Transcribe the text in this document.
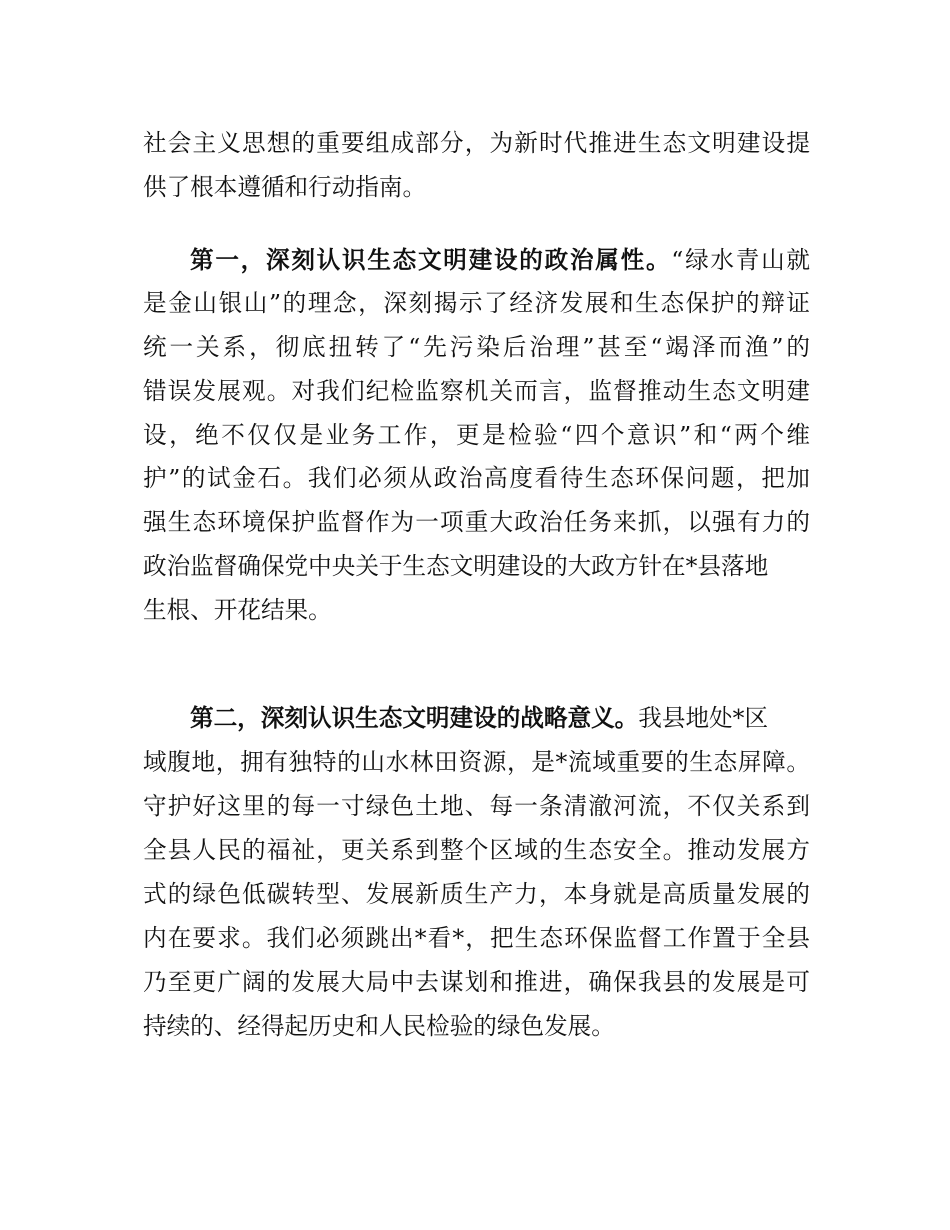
社会主义思想的重要组成部分，为新时代推进生态文明建设提
供了根本遵循和行动指南。
第一，深刻认识生态文明建设的政治属性。“绿水青山就
是金山银山”的理念，深刻揭示了经济发展和生态保护的辩证
统一关系，彻底扭转了“先污染后治理”甚至“竭泽而渔”的
错误发展观。对我们纪检监察机关而言，监督推动生态文明建
设，绝不仅仅是业务工作，更是检验“四个意识”和“两个维
护”的试金石。我们必须从政治高度看待生态环保问题，把加
强生态环境保护监督作为一项重大政治任务来抓，以强有力的
政治监督确保党中央关于生态文明建设的大政方针在*县落地
生根、开花结果。
第二，深刻认识生态文明建设的战略意义。我县地处*区
域腹地，拥有独特的山水林田资源，是*流域重要的生态屏障。
守护好这里的每一寸绿色土地、每一条清澈河流，不仅关系到
全县人民的福祉，更关系到整个区域的生态安全。推动发展方
式的绿色低碳转型、发展新质生产力，本身就是高质量发展的
内在要求。我们必须跳出*看*，把生态环保监督工作置于全县
乃至更广阔的发展大局中去谋划和推进，确保我县的发展是可
持续的、经得起历史和人民检验的绿色发展。
